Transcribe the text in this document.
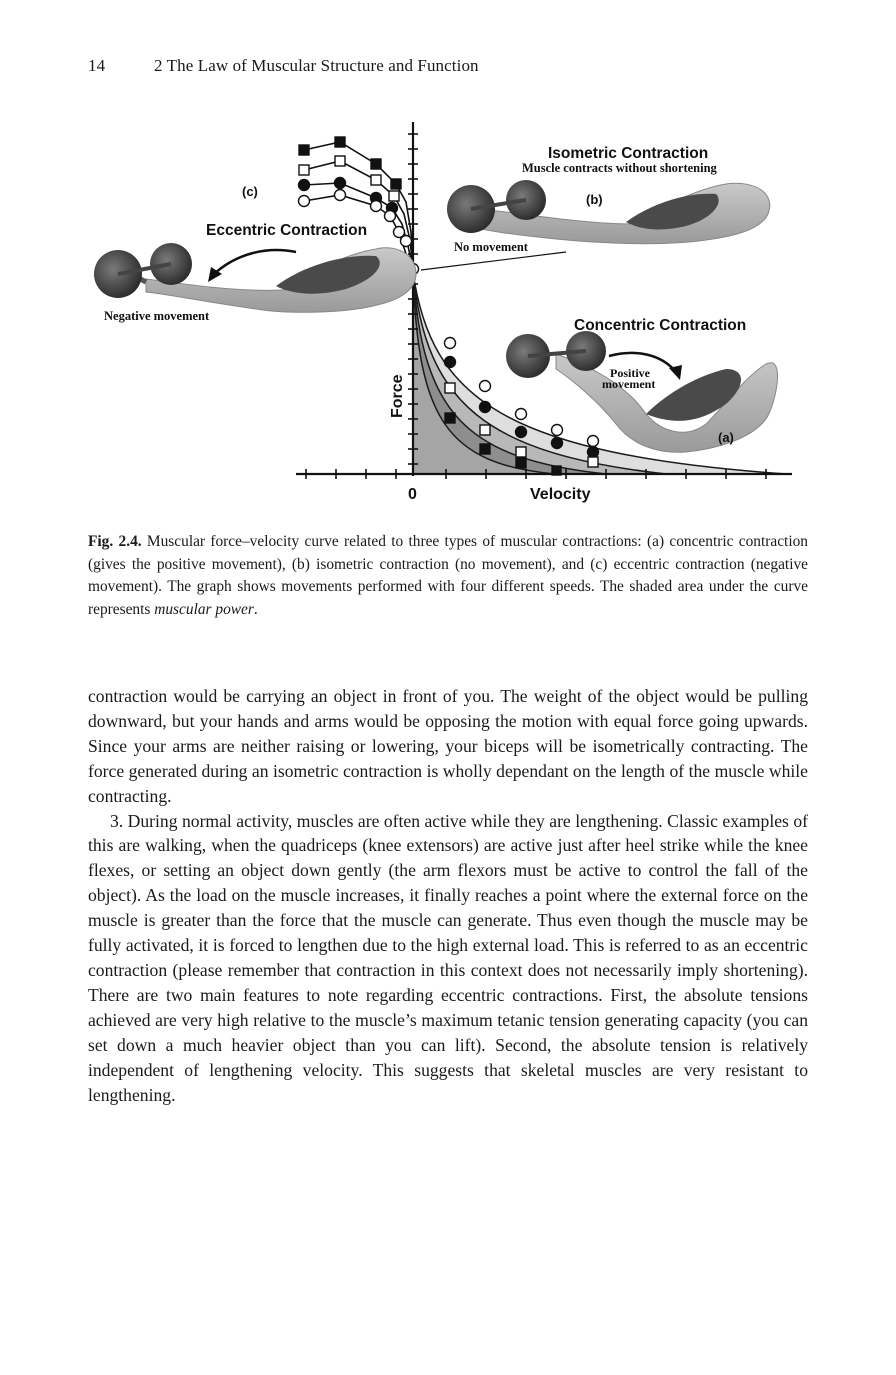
14	2 The Law of Muscular Structure and Function
Isometric Contraction
Muscle contracts without shortening
(b)
(c)
Eccentric Contraction
No movement
Negative movement
Concentric Contraction
Positive
movement
(a)
Force
Velocity
0
Fig. 2.4. Muscular force–velocity curve related to three types of muscular contractions: (a) concentric contraction (gives the positive movement), (b) isometric contraction (no movement), and (c) eccentric contraction (negative movement). The graph shows movements performed with four different speeds. The shaded area under the curve represents muscular power.

contraction would be carrying an object in front of you. The weight of the object would be pulling downward, but your hands and arms would be opposing the motion with equal force going upwards. Since your arms are neither raising or lowering, your biceps will be isometrically contracting. The force generated during an isometric contraction is wholly dependant on the length of the muscle while contracting.

3. During normal activity, muscles are often active while they are lengthening. Classic examples of this are walking, when the quadriceps (knee extensors) are active just after heel strike while the knee flexes, or setting an object down gently (the arm flexors must be active to control the fall of the object). As the load on the muscle increases, it finally reaches a point where the external force on the muscle is greater than the force that the muscle can generate. Thus even though the muscle may be fully activated, it is forced to lengthen due to the high external load. This is referred to as an eccentric contraction (please remember that contraction in this context does not necessarily imply shortening). There are two main features to note regarding eccentric contractions. First, the absolute tensions achieved are very high relative to the muscle’s maximum tetanic tension generating capacity (you can set down a much heavier object than you can lift). Second, the absolute tension is relatively independent of lengthening velocity. This suggests that skeletal muscles are very resistant to lengthening.
